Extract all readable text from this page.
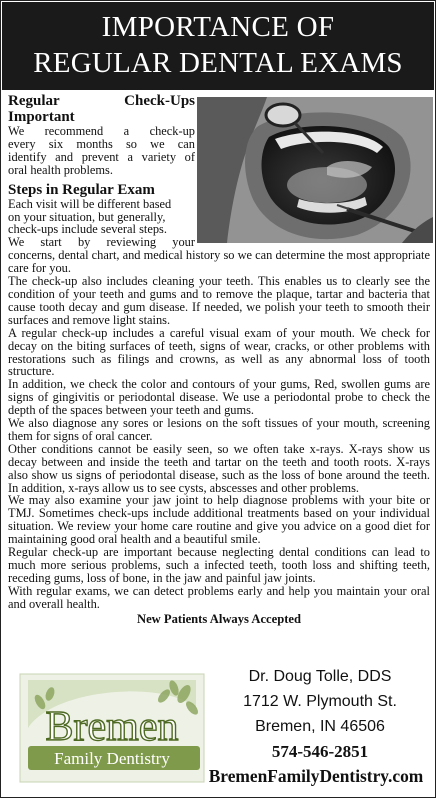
IMPORTANCE OF
REGULAR DENTAL EXAMS
Regular	Check-Ups
Important
We recommend a check-up
every six months so we can
identify and prevent a variety of
oral health problems.
Steps in Regular Exam
Each visit will be different based
on your situation, but generally,
check-ups include several steps.
We start by reviewing your

concerns, dental chart, and medical history so we can determine the most appropriate care for you.

The check-up also includes cleaning your teeth. This enables us to clearly see the condition of your teeth and gums and to remove the plaque, tartar and bacteria that cause tooth decay and gum disease. If needed, we polish your teeth to smooth their surfaces and remove light stains.

A regular check-up includes a careful visual exam of your mouth. We check for decay on the biting surfaces of teeth, signs of wear, cracks, or other problems with restorations such as filings and crowns, as well as any abnormal loss of tooth structure.

In addition, we check the color and contours of your gums, Red, swollen gums are signs of gingivitis or periodontal disease. We use a periodontal probe to check the depth of the spaces between your teeth and gums.

We also diagnose any sores or lesions on the soft tissues of your mouth, screening them for signs of oral cancer.

Other conditions cannot be easily seen, so we often take x-rays. X-rays show us decay between and inside the teeth and tartar on the teeth and tooth roots. X-rays also show us signs of periodontal disease, such as the loss of bone around the teeth. In addition, x-rays allow us to see cysts, abscesses and other problems.

We may also examine your jaw joint to help diagnose problems with your bite or TMJ. Sometimes check-ups include additional treatments based on your individual situation. We review your home care routine and give you advice on a good diet for maintaining good oral health and a beautiful smile.

Regular check-up are important because neglecting dental conditions can lead to much more serious problems, such a infected teeth, tooth loss and shifting teeth, receding gums, loss of bone, in the jaw and painful jaw joints.

With regular exams, we can detect problems early and help you maintain your oral and overall health.

New Patients Always Accepted
Bremen
Family Dentistry
Dr. Doug Tolle, DDS
1712 W. Plymouth St.
Bremen, IN 46506
574-546-2851
BremenFamilyDentistry.com
